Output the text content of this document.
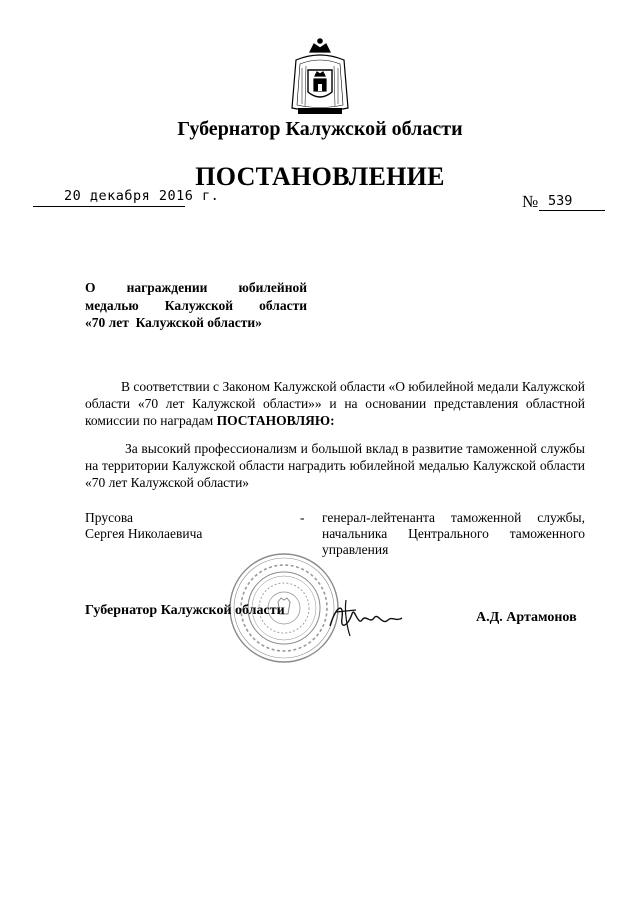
Губернатор Калужской области
ПОСТАНОВЛЕНИЕ
20 декабря 2016 г.	№ 539
О награждении юбилейной
медалью Калужской области
«70 лет  Калужской области»
В соответствии с Законом Калужской области «О юбилейной медали Калужской области «70 лет Калужской области»» и на основании представления областной комиссии по наградам ПОСТАНОВЛЯЮ:
За высокий профессионализм и большой вклад в развитие таможенной службы на территории Калужской области наградить юбилейной медалью Калужской области «70 лет Калужской области»
Прусова
Сергея Николаевича
- генерал-лейтенанта таможенной службы, начальника Центрального таможенного управления
Губернатор Калужской области	А.Д. Артамонов
